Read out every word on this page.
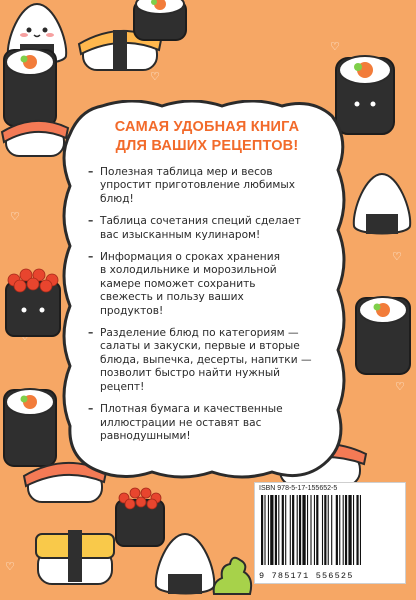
♡
♡
♡
♡
♡
♡
САМАЯ УДОБНАЯ КНИГА
ДЛЯ ВАШИХ РЕЦЕПТОВ!
– Полезная таблица мер и весов
упростит приготовление любимых
блюд!
– Таблица сочетания специй сделает
вас изысканным кулинаром!
– Информация о сроках хранения
в холодильнике и морозильной
камере поможет сохранить
свежесть и пользу ваших
продуктов!
– Разделение блюд по категориям —
салаты и закуски, первые и вторые
блюда, выпечка, десерты, напитки —
позволит быстро найти нужный
рецепт!
– Плотная бумага и качественные
иллюстрации не оставят вас
равнодушными!
ISBN 978-5-17-155652-5
9 785171 556525
